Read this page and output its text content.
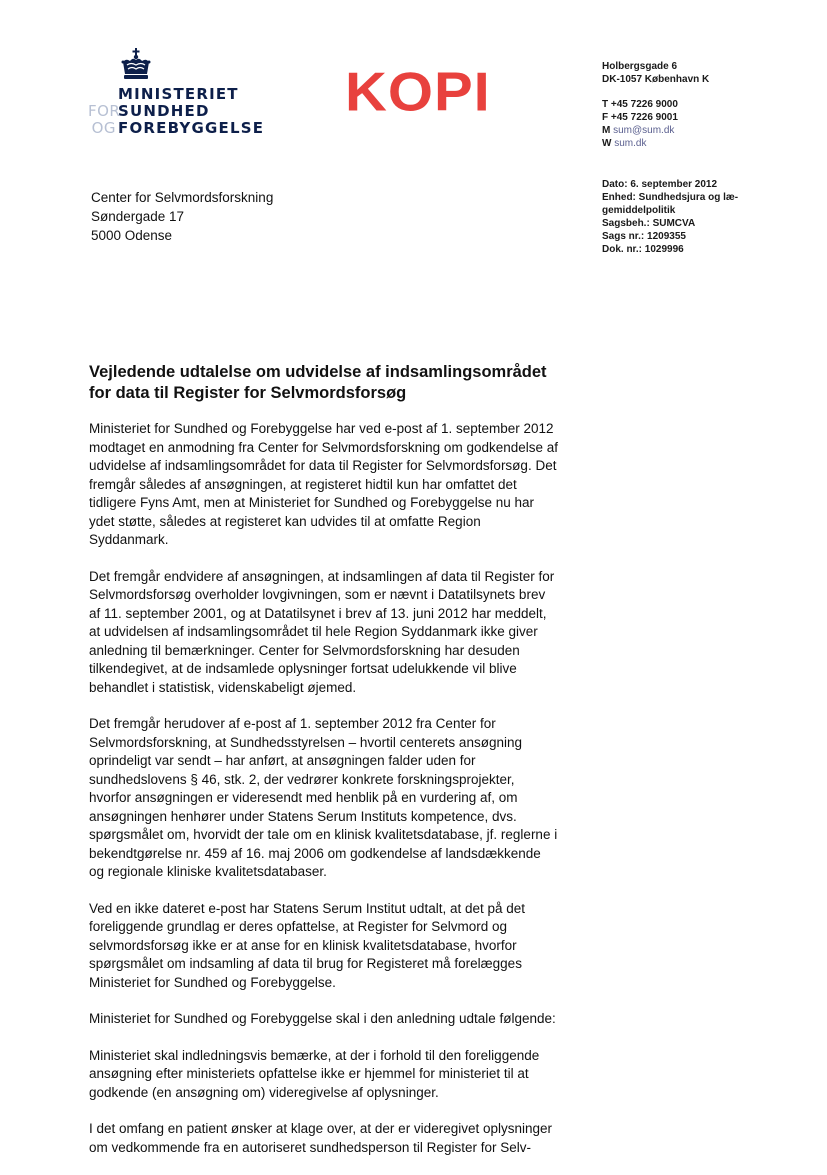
MINISTERIET
FORSUNDHED
OG FOREBYGGELSE
KOPI	Holbergsgade 6
DK-1057 København K
T +45 7226 9000
F +45 7226 9001
M sum@sum.dk
W sum.dk
Dato: 6. september 2012
Enhed: Sundhedsjura og læ-
gemiddelpolitik
Sagsbeh.: SUMCVA
Sags nr.: 1209355
Dok. nr.: 1029996
Center for Selvmordsforskning
Søndergade 17
5000 Odense
Vejledende udtalelse om udvidelse af indsamlingsområdet for data til Register for Selvmordsforsøg

Ministeriet for Sundhed og Forebyggelse har ved e-post af 1. september 2012 modtaget en anmodning fra Center for Selvmordsforskning om godkendelse af udvidelse af indsamlingsområdet for data til Register for Selvmordsforsøg. Det fremgår således af ansøgningen, at registeret hidtil kun har omfattet det tidligere Fyns Amt, men at Ministeriet for Sundhed og Forebyggelse nu har ydet støtte, således at registeret kan udvides til at omfatte Region Syddanmark.

Det fremgår endvidere af ansøgningen, at indsamlingen af data til Register for Selvmordsforsøg overholder lovgivningen, som er nævnt i Datatilsynets brev af 11. september 2001, og at Datatilsynet i brev af 13. juni 2012 har meddelt, at udvidelsen af indsamlingsområdet til hele Region Syddanmark ikke giver anledning til bemærkninger. Center for Selvmordsforskning har desuden tilkendegivet, at de indsamlede oplysninger fortsat udelukkende vil blive behandlet i statistisk, videnskabeligt øjemed.

Det fremgår herudover af e-post af 1. september 2012 fra Center for Selvmordsforskning, at Sundhedsstyrelsen – hvortil centerets ansøgning oprindeligt var sendt – har anført, at ansøgningen falder uden for sundhedslovens § 46, stk. 2, der vedrører konkrete forskningsprojekter, hvorfor ansøgningen er videresendt med henblik på en vurdering af, om ansøgningen henhører under Statens Serum Instituts kompetence, dvs. spørgsmålet om, hvorvidt der tale om en klinisk kvalitetsdatabase, jf. reglerne i bekendtgørelse nr. 459 af 16. maj 2006 om godkendelse af landsdækkende og regionale kliniske kvalitetsdatabaser.

Ved en ikke dateret e-post har Statens Serum Institut udtalt, at det på det foreliggende grundlag er deres opfattelse, at Register for Selvmord og selvmordsforsøg ikke er at anse for en klinisk kvalitetsdatabase, hvorfor spørgsmålet om indsamling af data til brug for Registeret må forelægges Ministeriet for Sundhed og Forebyggelse.

Ministeriet for Sundhed og Forebyggelse skal i den anledning udtale følgende:

Ministeriet skal indledningsvis bemærke, at der i forhold til den foreliggende ansøgning efter ministeriets opfattelse ikke er hjemmel for ministeriet til at godkende (en ansøgning om) videregivelse af oplysninger.

I det omfang en patient ønsker at klage over, at der er videregivet oplysninger om vedkommende fra en autoriseret sundhedsperson til Register for Selv-
